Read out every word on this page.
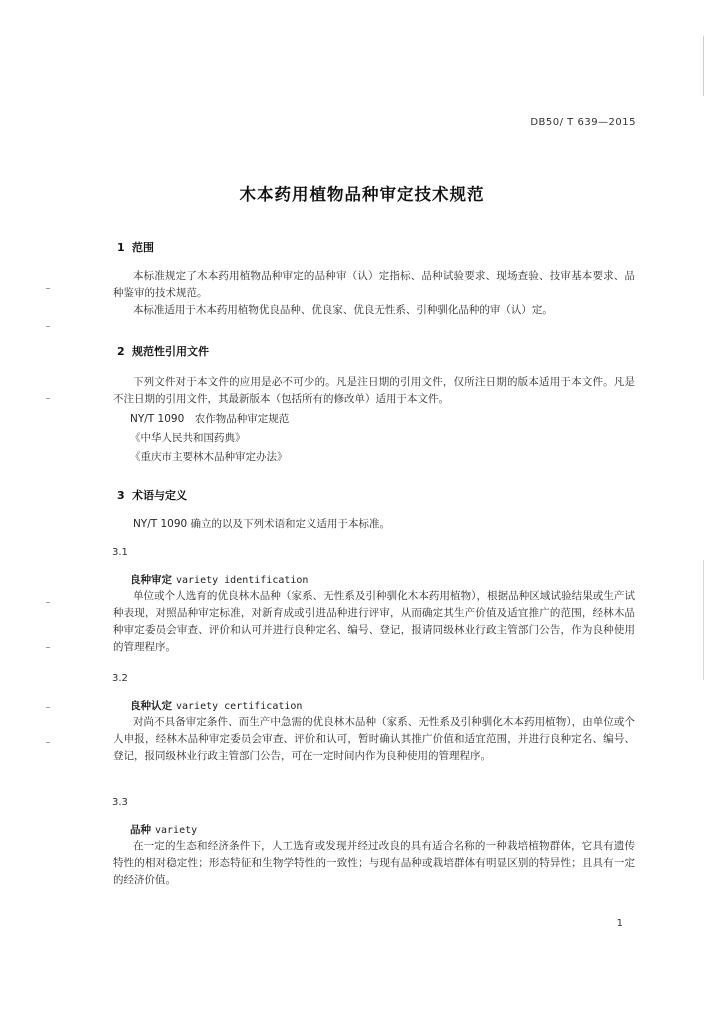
DB50/ T 639—2015
木本药用植物品种审定技术规范
1 范围
本标准规定了木本药用植物品种审定的品种审（认）定指标、品种试验要求、现场查验、技审基本要求、品种鉴审的技术规范。
本标准适用于木本药用植物优良品种、优良家、优良无性系、引种驯化品种的审（认）定。
2 规范性引用文件
下列文件对于本文件的应用是必不可少的。凡是注日期的引用文件，仅所注日期的版本适用于本文件。凡是不注日期的引用文件，其最新版本（包括所有的修改单）适用于本文件。
NY/T 1090　农作物品种审定规范
《中华人民共和国药典》
《重庆市主要林木品种审定办法》
3 术语与定义
NY/T 1090 确立的以及下列术语和定义适用于本标准。
3.1
良种审定 variety identification
单位或个人选育的优良林木品种（家系、无性系及引种驯化木本药用植物），根据品种区域试验结果或生产试种表现，对照品种审定标准，对新育成或引进品种进行评审，从而确定其生产价值及适宜推广的范围，经林木品种审定委员会审查、评价和认可并进行良种定名、编号、登记，报请同级林业行政主管部门公告，作为良种使用的管理程序。
3.2
良种认定 variety certification
对尚不具备审定条件、而生产中急需的优良林木品种（家系、无性系及引种驯化木本药用植物），由单位或个人申报，经林木品种审定委员会审查、评价和认可，暂时确认其推广价值和适宜范围，并进行良种定名、编号、登记，报同级林业行政主管部门公告，可在一定时间内作为良种使用的管理程序。
3.3
品种 variety
在一定的生态和经济条件下，人工选育或发现并经过改良的具有适合名称的一种栽培植物群体，它具有遗传特性的相对稳定性；形态特征和生物学特性的一致性；与现有品种或栽培群体有明显区别的特异性；且具有一定的经济价值。
1
